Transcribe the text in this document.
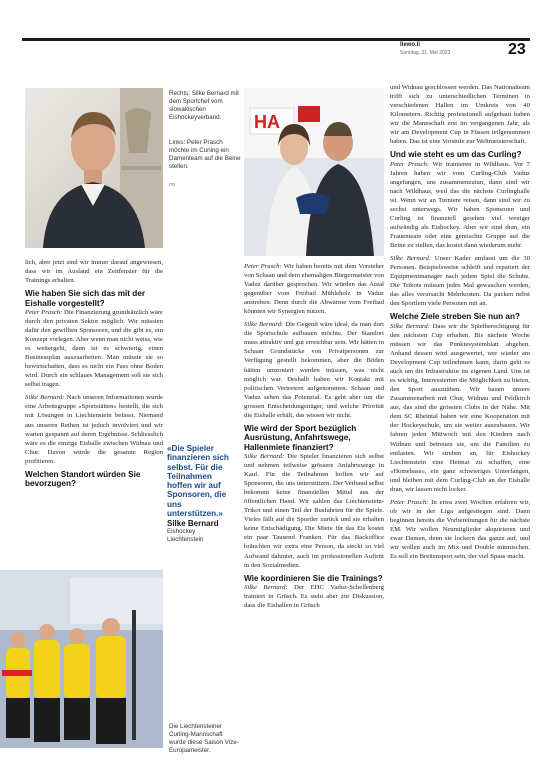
Ilewo.li
Sonntag, 31. Mai 2023	23
Rechts: Silke Bernard mit dem Sportchef vom slowakischen Eishockeyverband.
Links: Peter Prasch möchte im Curling ein Damenteam auf die Beine stellen.
PD
HA
Die Liechtensteiner Curling-Mannschaft wurde diese Saison Vize-Europameister.
«Die Spieler finanzieren sich selbst. Für die Teilnahmen hoffen wir auf Sponsoren, die uns unterstützen.»
Silke Bernard
Eishockey
Liechtenstein

lich, aber jetzt sind wir immer darauf angewiesen, dass wir im Ausland ein Zeitfenster für die Trainings erhalten.

Wie haben Sie sich das mit der Eishalle vorgestellt?

Peter Prasch: Die Finanzierung grundsätzlich wäre durch den privaten Sektor möglich. Wir müssten dafür den gewillten Sponsoren, und die gibt es, ein Konzept vorlegen. Aber wenn man nicht weiss, wie es weitergeht, dann ist es schwierig, einen Businessplan auszuarbeiten. Man müsste sie so bewirtschaften, dass es nicht ein Fass ohne Boden wird. Durch ein schlaues Management soll sie sich selbst tragen.

Silke Bernard: Nach unseren Informationen wurde eine Arbeitsgruppe «Sportstätten» bestellt, die sich mit Lösungen in Liechtenstein befasst. Niemand aus unseren Reihen ist jedoch involviert und wir warten gespannt auf deren Ergebnisse. Schliesslich wäre es die einzige Eishalle zwischen Widnau und Chur. Davon würde die gesamte Region profitieren.

Welchen Standort würden Sie bevorzugen?

Peter Prasch: Wir haben bereits mit dem Vorsteher von Schaan und dem ehemaligen Bürgermeister von Vaduz darüber gesprochen. Wir würden das Areal gegenüber vom Freibad Mühleholz in Vaduz anstreben. Denn durch die Abwärme vom Freibad könnten wir Synergien nutzen.

Silke Bernard: Die Gegend wäre ideal, da man dort die Sportschule aufbauen möchte. Der Standort muss attraktiv und gut erreichbar sein. Wir hätten in Schaan Grundstücke von Privatpersonen zur Verfügung gestellt bekommen, aber die Böden hätten umzoniert werden müssen, was nicht möglich war. Deshalb haben wir Kontakt mit politischen Vertretern aufgenommen. Schaan und Vaduz sehen das Potenzial. Es geht aber um die grossen Entscheidungsträger, und welche Priorität die Eishalle erhält, das wissen wir nicht.

Wie wird der Sport bezüglich Ausrüstung, Anfahrtswege, Hallenmiete finanziert?

Silke Bernard: Die Spieler finanzieren sich selbst und nehmen teilweise grössere Anfahrtswege in Kauf. Für die Teilnahmen hoffen wir auf Sponsoren, die uns unterstützen. Der Verband selbst bekommt keine finanziellen Mittel aus der öffentlichen Hand. Wir zahlen das Liechtenstein-Trikot und einen Teil der Busfahrten für die Spiele. Vieles fällt auf die Sportler zurück und sie erhalten keine Entschädigung. Die Miete für das Eis kostet ein paar Tausend Franken. Für das Backoffice bräuchten wir extra eine Person, da steckt so viel Aufwand dahinter, auch im professionellen Auftritt in den Sozialmedien.

Wie koordinieren Sie die Trainings?

Silke Bernard: Der EHC Vaduz-Schellenberg trainiert in Grüsch. Es steht aber zur Diskussion, dass die Eishallen in Grüsch

und Widnau geschlossen werden. Das Nationalteam trifft sich zu unterschiedlichen Terminen in verschiedenen Hallen im Umkreis von 40 Kilometern. Richtig professionell aufgebaut haben wir die Mannschaft erst im vergangenen Jahr, als wir am Development Cup in Füssen teilgenommen haben. Das ist eine Vorstufe zur Weltmeisterschaft.

Und wie steht es um das Curling?

Peter Prasch: Wir trainieren in Wildhaus. Vor 7 Jahren haben wir vom Curling-Club Vaduz angefangen, uns zusammenzutun, dann sind wir nach Wildhaus, weil das die nächste Curlinghalle ist. Wenn wir an Turniere reisen, dann sind wir zu sechst unterwegs. Wir haben Sponsoren und Curling ist finanziell gesehen viel weniger aufwändig als Eishockey. Aber wir sind dran, ein Frauenteam oder eine gemischte Gruppe auf die Beine zu stellen, das kostet dann wiederum mehr.

Silke Bernard: Unser Kader umfasst um die 30 Personen. Beispielsweise schleift und repariert der Equipmentmanager nach jedem Spiel die Schuhe. Die Trikots müssen jedes Mal gewaschen werden, das alles verursacht Mehrkosten. Da packen nebst den Sportlern viele Personen mit an.

Welche Ziele streben Sie nun an?

Silke Bernard: Dass wir die Spielberechtigung für den nächsten Cup erhalten. Bis nächste Woche müssen wir das Punktesystemblatt abgeben. Anhand dessen wird ausgewertet, wer wieder am Development Cup teilnehmen kann, darin geht es auch um die Infrastruktur im eigenen Land. Uns ist es wichtig, Interessierten die Möglichkeit zu bieten, den Sport auszuüben. Wir bauen unsere Zusammenarbeit mit Chur, Widnau und Feldkirch aus, das sind die grössten Clubs in der Nähe. Mit dem SC Rheintal haben wir eine Kooperation mit der Hockeyschule, um sie weiter auszubauen. Wir fahren jeden Mittwoch mit den Kindern nach Widnau und betreuen sie, um die Familien zu entlasten. Wir streben an, für Eishockey Liechtenstein eine Heimat zu schaffen, eine «Homebase», ein ganz schwieriges Unterfangen, und bleiben mit dem Curling-Club an der Eishalle dran, wir lassen nicht locker.

Peter Prasch: In etwa zwei Wochen erfahren wir, ob wir in der Liga aufgestiegen sind. Dann beginnen bereits die Vorbereitungen für die nächste EM. Wir wollen Neumitglieder akquirieren und zwar Damen, denn sie lockern das ganze auf, und wir wollen auch im Mix und Double mitmischen. Es soll ein Breitensport sein, der viel Spass macht.
